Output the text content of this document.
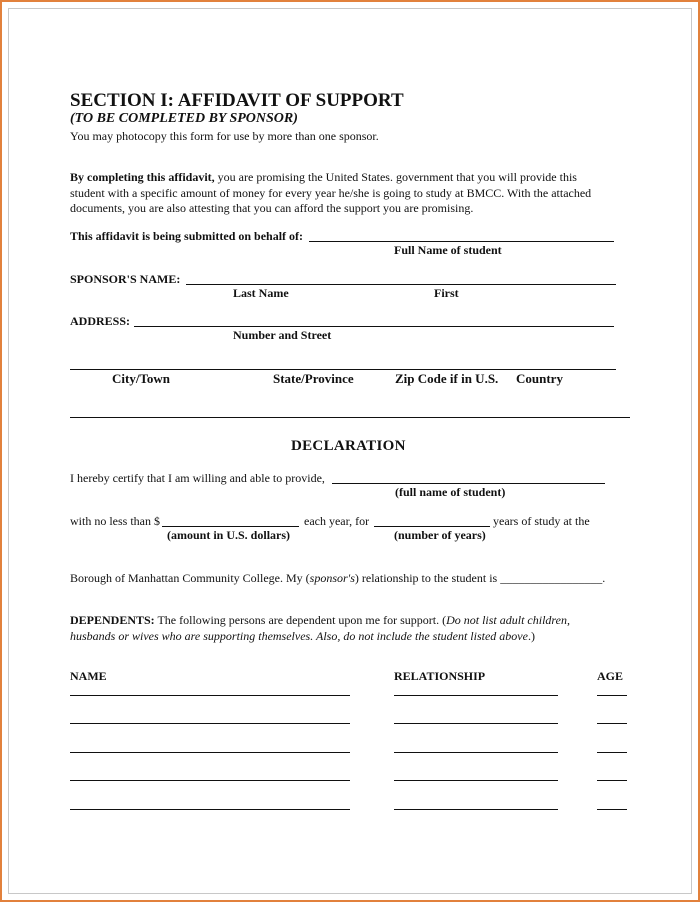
SECTION I: AFFIDAVIT OF SUPPORT
(TO BE COMPLETED BY SPONSOR)
You may photocopy this form for use by more than one sponsor.
By completing this affidavit, you are promising the United States. government that you will provide this
student with a specific amount of money for every year he/she is going to study at BMCC. With the attached
documents, you are also attesting that you can afford the support you are promising.
This affidavit is being submitted on behalf of:
Full Name of student
SPONSOR'S NAME:
Last Name	First
ADDRESS:
Number and Street
City/Town	State/Province	Zip Code if in U.S. Country
DECLARATION
I hereby certify that I am willing and able to provide,
(full name of student)
with no less than $	each year, for	years of study at the
(amount in U.S. dollars)	(number of years)
Borough of Manhattan Community College. My (sponsor's) relationship to the student is _________________.
DEPENDENTS: The following persons are dependent upon me for support. (Do not list adult children,
husbands or wives who are supporting themselves. Also, do not include the student listed above.)
NAME	RELATIONSHIP	AGE
